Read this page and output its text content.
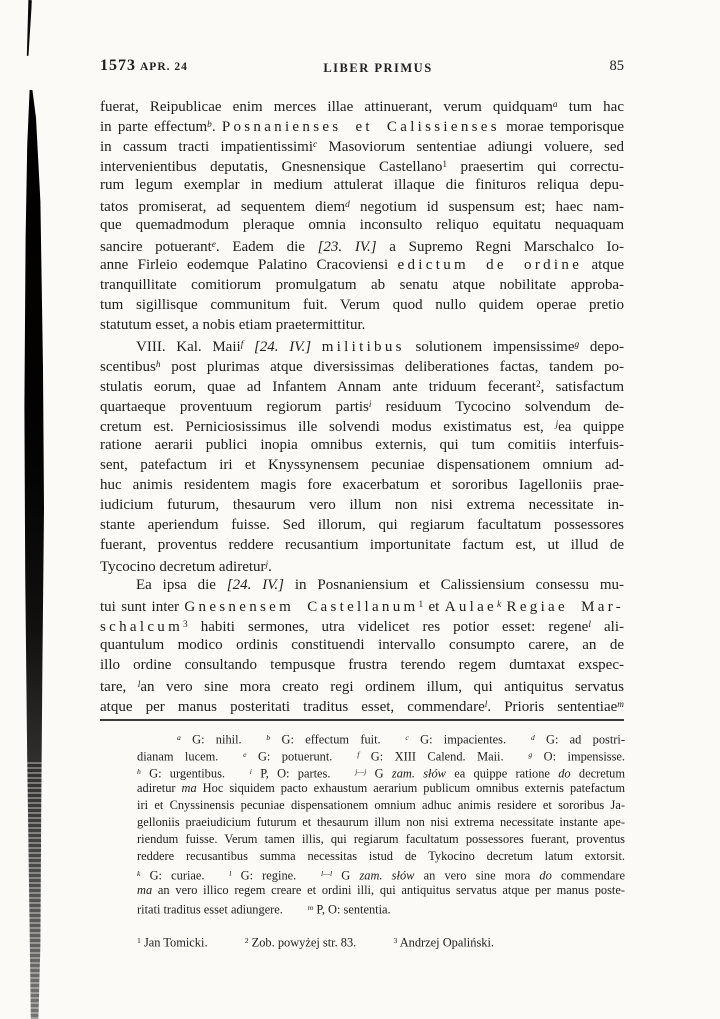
1573 APR. 24	LIBER PRIMUS	85
fuerat, Reipublicae enim merces illae attinuerant, verum quidquam$^a$ tum hac
in parte effectum$^b$. Posnanienses et Calissienses morae temporisque
in cassum tracti impatientissimi$^c$ Masoviorum sententiae adiungi voluere, sed
intervenientibus deputatis, Gnesnensique Castellano$^1$ praesertim qui correctu-
rum legum exemplar in medium attulerat illaque die finituros reliqua depu-
tatos promiserat, ad sequentem diem$^d$ negotium id suspensum est; haec nam-
que quemadmodum pleraque omnia inconsulto reliquo equitatu nequaquam
sancire potuerant$^e$. Eadem die [23. IV.] a Supremo Regni Marschalco Io-
anne Firleio eodemque Palatino Cracoviensi edictum de ordine atque
tranquillitate comitiorum promulgatum ab senatu atque nobilitate approba-
tum sigillisque communitum fuit. Verum quod nullo quidem operae pretio
statutum esset, a nobis etiam praetermittitur.
VIII. Kal. Maii$^f$ [24. IV.] militibus solutionem impensissime$^g$ depo-
scentibus$^h$ post plurimas atque diversissimas deliberationes factas, tandem po-
stulatis eorum, quae ad Infantem Annam ante triduum fecerant$^2$, satisfactum
quartaeque proventuum regiorum partis$^i$ residuum Tycocino solvendum de-
cretum est. Perniciosissimus ille solvendi modus existimatus est, $^j$ea quippe
ratione aerarii publici inopia omnibus externis, qui tum comitiis interfuis-
sent, patefactum iri et Knyssynensem pecuniae dispensationem omnium ad-
huc animis residentem magis fore exacerbatum et sororibus Iagelloniis prae-
iudicium futurum, thesaurum vero illum non nisi extrema necessitate in-
stante aperiendum fuisse. Sed illorum, qui regiarum facultatum possessores
fuerant, proventus reddere recusantium importunitate factum est, ut illud de
Tycocino decretum adiretur$^j$.
Ea ipsa die [24. IV.] in Posnaniensium et Calissiensium consessu mu-
tui sunt inter Gnesnensem Castellanum$^1$ et Aulae$^k$ Regiae Mar-
schalcum$^3$ habiti sermones, utra videlicet res potior esset: regene$^l$ ali-
quantulum modico ordinis constituendi intervallo consumpto carere, an de
illo ordine consultando tempusque frustra terendo regem dumtaxat exspec-
tare, $^l$an vero sine mora creato regi ordinem illum, qui antiquitus servatus
atque per manus posteritati traditus esset, commendare$^l$. Prioris sententiae$^m$
$^a$ G: nihil.  $^b$ G: effectum fuit.  $^c$ G: impacientes.  $^d$ G: ad postri-
dianam lucem.  $^e$ G: potuerunt.  $^f$ G: XIII Calend. Maii.  $^g$ O: impensisse.
$^h$ G: urgentibus.  $^i$ P, O: partes.  $^{j—j}$ G zam. słów ea quippe ratione do decretum
adiretur ma Hoc siquidem pacto exhaustum aerarium publicum omnibus externis patefactum
iri et Cnyssinensis pecuniae dispensationem omnium adhuc animis residere et sororibus Ja-
gelloniis praeiudicium futurum et thesaurum illum non nisi extrema necessitate instante ape-
riendum fuisse. Verum tamen illis, qui regiarum facultatum possessores fuerant, proventus
reddere recusantibus summa necessitas istud de Tykocino decretum latum extorsit.
$^k$ G: curiae.  $^l$ G: regine.  $^{l—l}$ G zam. słów an vero sine mora do commendare
ma an vero illico regem creare et ordini illi, qui antiquitus servatus atque per manus poste-
ritati traditus esset adiungere.  $^m$ P, O: sententia.
$^1$ Jan Tomicki.   $^2$ Zob. powyżej str. 83.   $^3$ Andrzej Opaliński.
